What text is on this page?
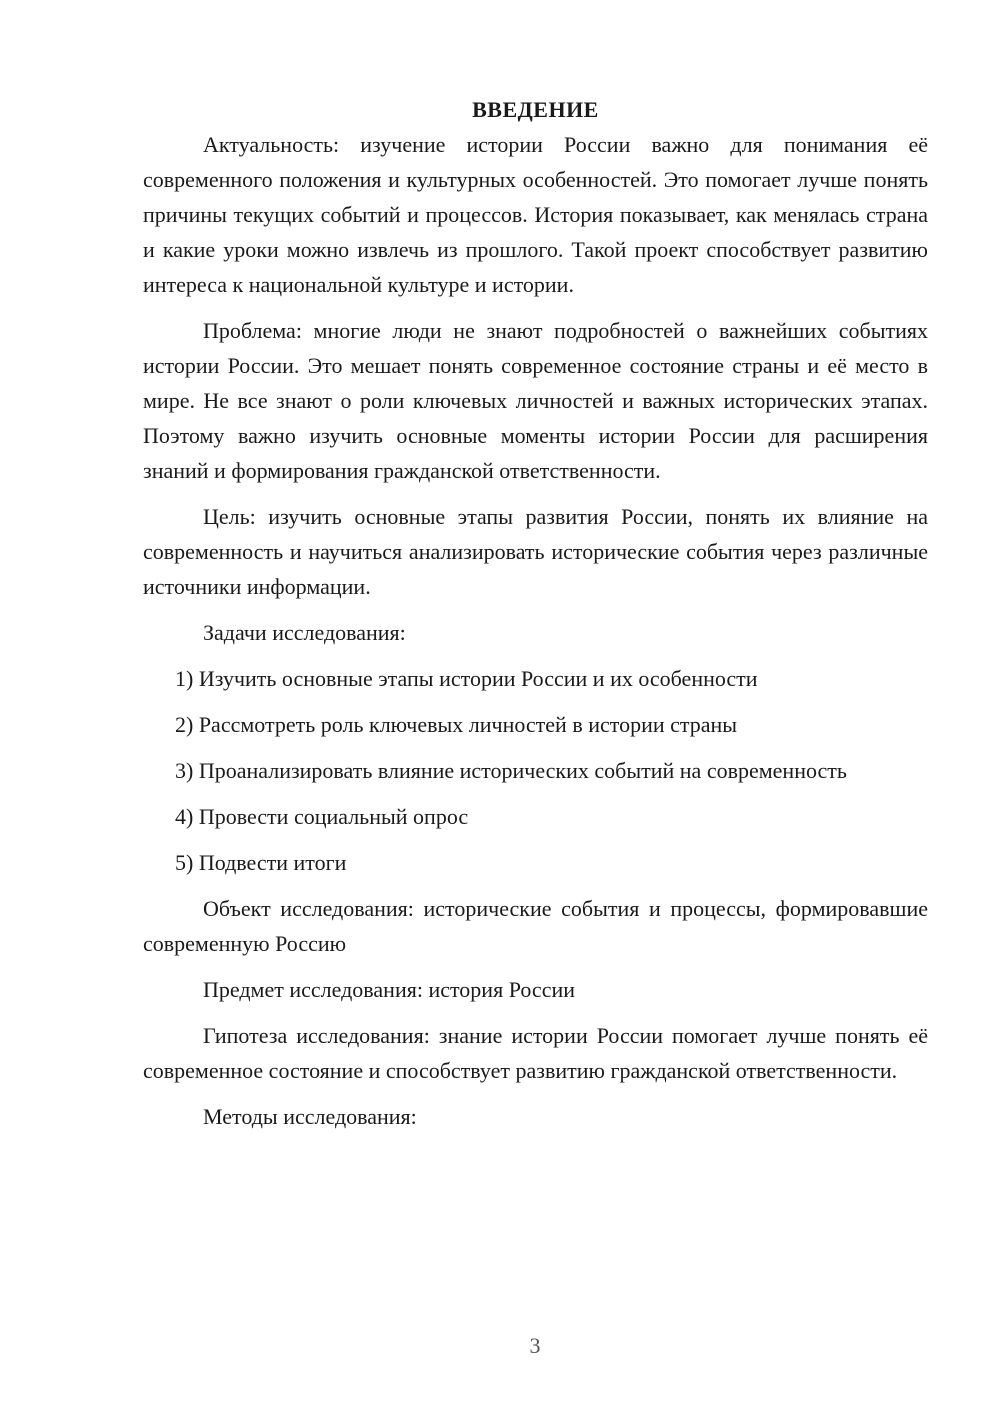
ВВЕДЕНИЕ

Актуальность: изучение истории России важно для понимания её современного положения и культурных особенностей. Это помогает лучше понять причины текущих событий и процессов. История показывает, как менялась страна и какие уроки можно извлечь из прошлого. Такой проект способствует развитию интереса к национальной культуре и истории.

Проблема: многие люди не знают подробностей о важнейших событиях истории России. Это мешает понять современное состояние страны и её место в мире. Не все знают о роли ключевых личностей и важных исторических этапах. Поэтому важно изучить основные моменты истории России для расширения знаний и формирования гражданской ответственности.

Цель: изучить основные этапы развития России, понять их влияние на современность и научиться анализировать исторические события через различные источники информации.

Задачи исследования:

1) Изучить основные этапы истории России и их особенности

2) Рассмотреть роль ключевых личностей в истории страны

3) Проанализировать влияние исторических событий на современность

4) Провести социальный опрос

5) Подвести итоги

Объект исследования: исторические события и процессы, формировавшие современную Россию

Предмет исследования: история России

Гипотеза исследования: знание истории России помогает лучше понять её современное состояние и способствует развитию гражданской ответственности.

Методы исследования:

3
